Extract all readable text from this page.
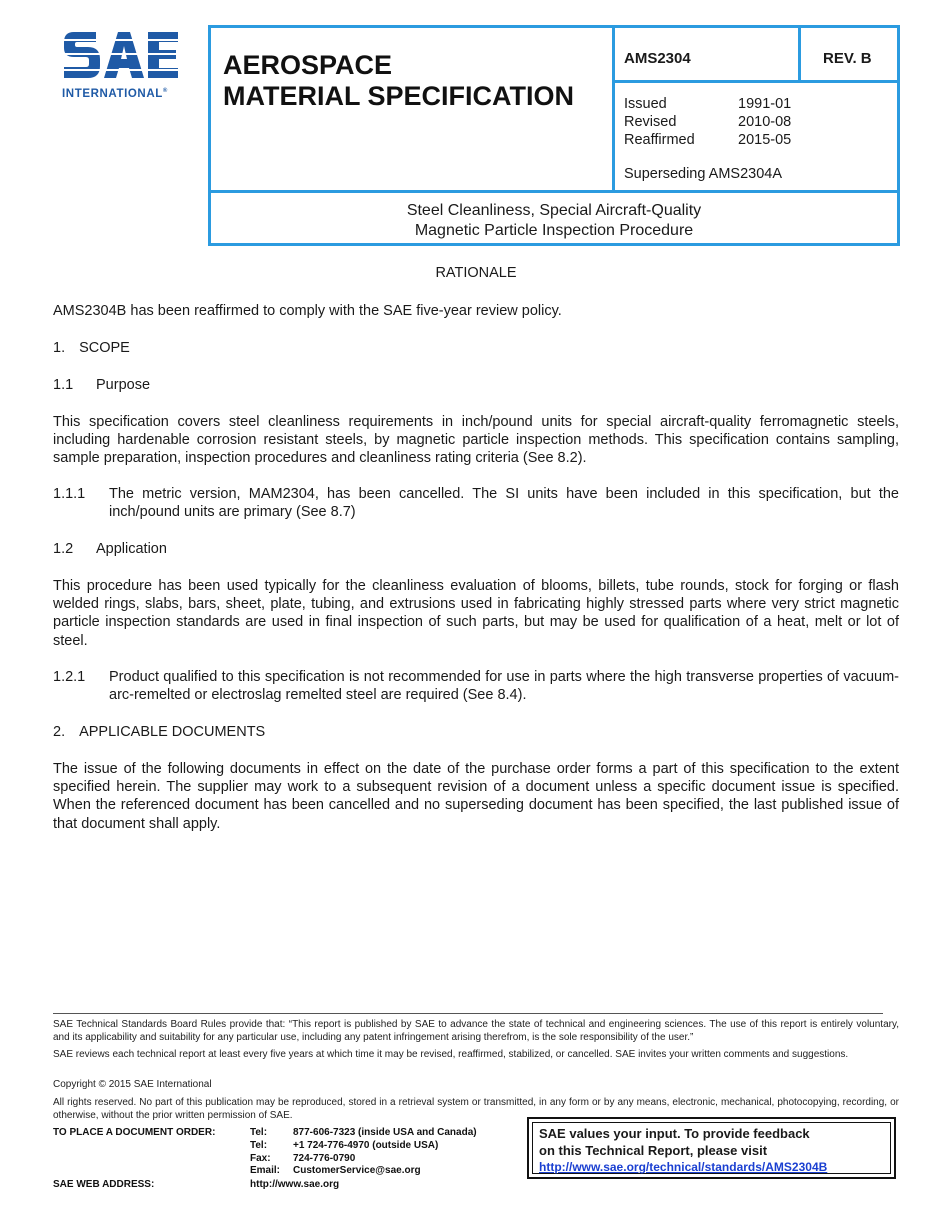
INTERNATIONAL®
AEROSPACE
MATERIAL SPECIFICATION
AMS2304	REV. B
Issued	1991-01
Revised	2010-08
Reaffirmed	2015-05
Superseding AMS2304A
Steel Cleanliness, Special Aircraft-Quality
Magnetic Particle Inspection Procedure
RATIONALE
AMS2304B has been reaffirmed to comply with the SAE five-year review policy.
1. SCOPE
1.1 Purpose
This specification covers steel cleanliness requirements in inch/pound units for special aircraft-quality ferromagnetic steels, including hardenable corrosion resistant steels, by magnetic particle inspection methods. This specification contains sampling, sample preparation, inspection procedures and cleanliness rating criteria (See 8.2).
1.1.1 The metric version, MAM2304, has been cancelled. The SI units have been included in this specification, but the inch/pound units are primary (See 8.7)
1.2 Application
This procedure has been used typically for the cleanliness evaluation of blooms, billets, tube rounds, stock for forging or flash welded rings, slabs, bars, sheet, plate, tubing, and extrusions used in fabricating highly stressed parts where very strict magnetic particle inspection standards are used in final inspection of such parts, but may be used for qualification of a heat, melt or lot of steel.
1.2.1 Product qualified to this specification is not recommended for use in parts where the high transverse properties of vacuum-arc-remelted or electroslag remelted steel are required (See 8.4).
2. APPLICABLE DOCUMENTS
The issue of the following documents in effect on the date of the purchase order forms a part of this specification to the extent specified herein. The supplier may work to a subsequent revision of a document unless a specific document issue is specified. When the referenced document has been cancelled and no superseding document has been specified, the last published issue of that document shall apply.
SAE Technical Standards Board Rules provide that: “This report is published by SAE to advance the state of technical and engineering sciences. The use of this report is entirely voluntary, and its applicability and suitability for any particular use, including any patent infringement arising therefrom, is the sole responsibility of the user.”
SAE reviews each technical report at least every five years at which time it may be revised, reaffirmed, stabilized, or cancelled. SAE invites your written comments and suggestions.
Copyright © 2015 SAE International
All rights reserved. No part of this publication may be reproduced, stored in a retrieval system or transmitted, in any form or by any means, electronic, mechanical, photocopying, recording, or otherwise, without the prior written permission of SAE.
TO PLACE A DOCUMENT ORDER:	Tel:	877-606-7323 (inside USA and Canada)
Tel:	+1 724-776-4970 (outside USA)
Fax: 724-776-0790
Email: CustomerService@sae.org
SAE WEB ADDRESS:	http://www.sae.org
SAE values your input. To provide feedback
on this Technical Report, please visit
http://www.sae.org/technical/standards/AMS2304B
